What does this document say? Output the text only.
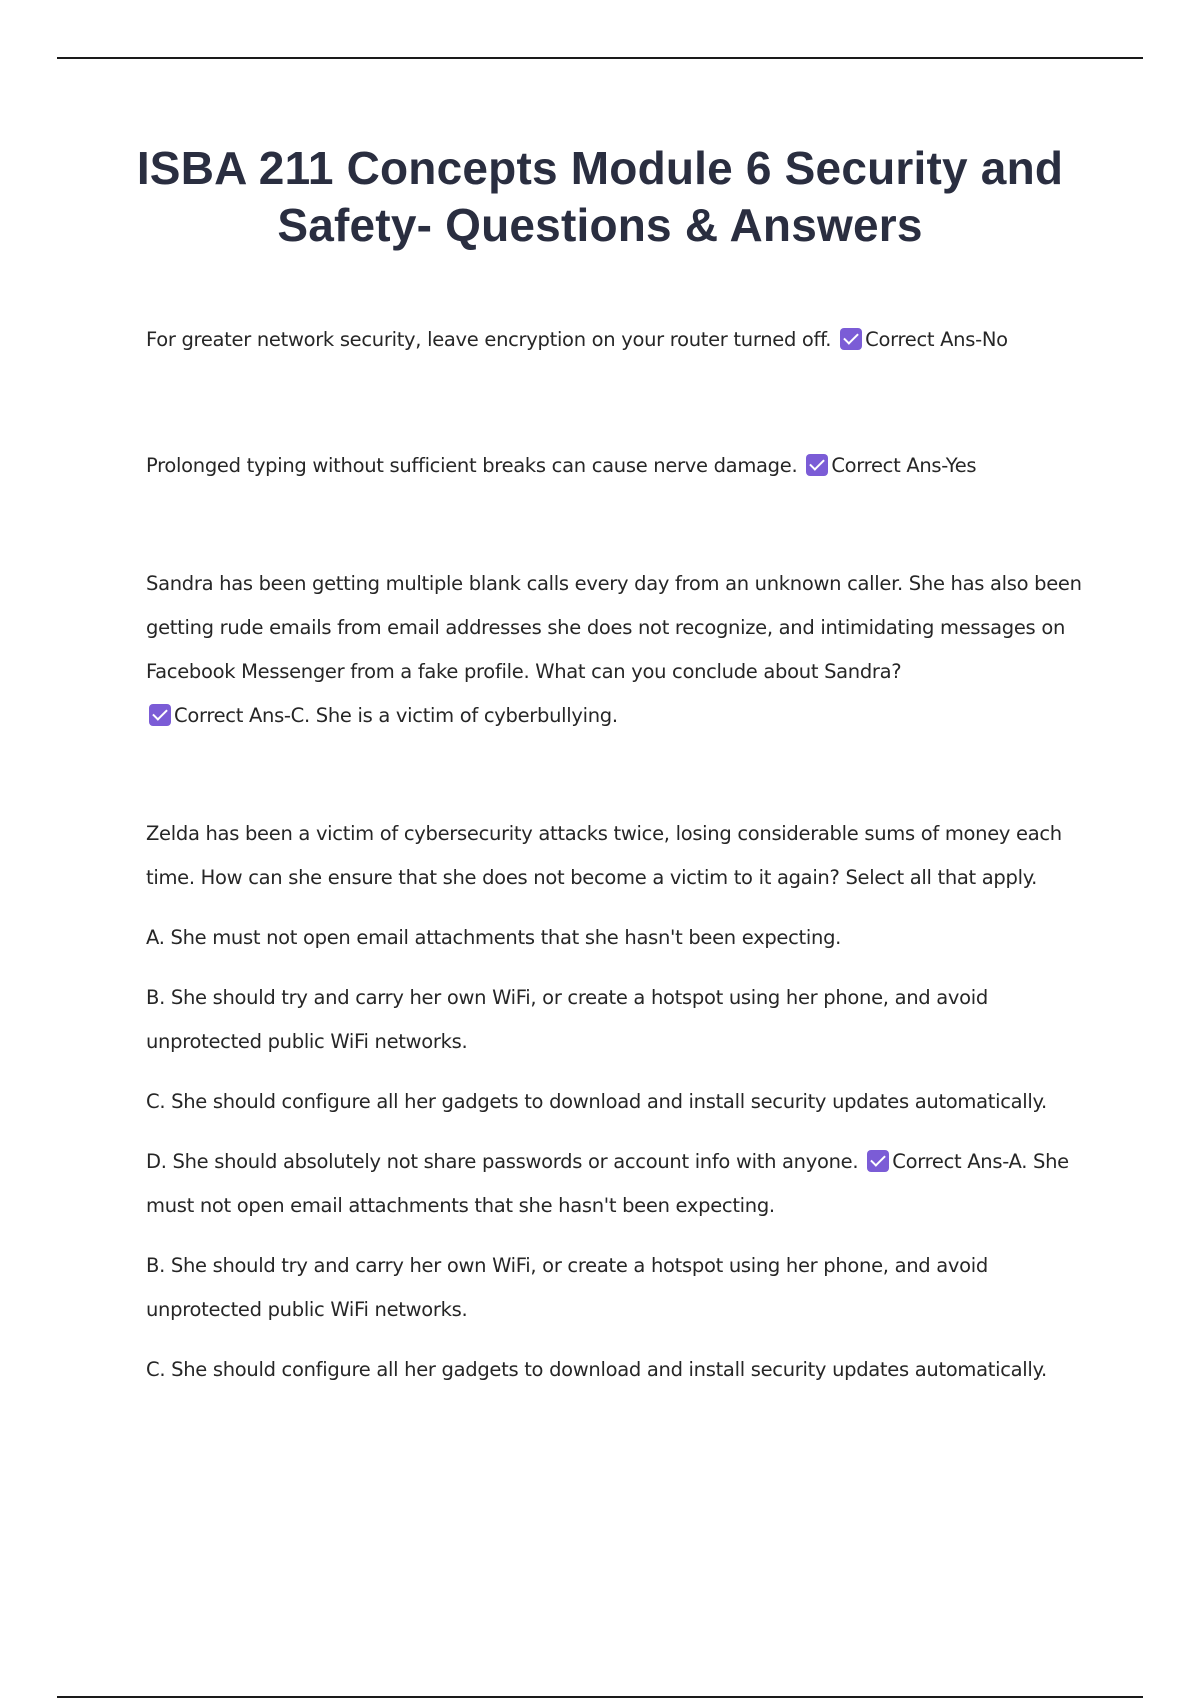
ISBA 211 Concepts Module 6 Security and Safety- Questions & Answers

For greater network security, leave encryption on your router turned off. Correct Ans-No

Prolonged typing without sufficient breaks can cause nerve damage. Correct Ans-Yes

Sandra has been getting multiple blank calls every day from an unknown caller. She has also been getting rude emails from email addresses she does not recognize, and intimidating messages on Facebook Messenger from a fake profile. What can you conclude about Sandra?

Correct Ans-C. She is a victim of cyberbullying.

Zelda has been a victim of cybersecurity attacks twice, losing considerable sums of money each time. How can she ensure that she does not become a victim to it again? Select all that apply.

A. She must not open email attachments that she hasn't been expecting.

B. She should try and carry her own WiFi, or create a hotspot using her phone, and avoid unprotected public WiFi networks.

C. She should configure all her gadgets to download and install security updates automatically.

D. She should absolutely not share passwords or account info with anyone. Correct Ans-A. She must not open email attachments that she hasn't been expecting.

B. She should try and carry her own WiFi, or create a hotspot using her phone, and avoid unprotected public WiFi networks.

C. She should configure all her gadgets to download and install security updates automatically.
